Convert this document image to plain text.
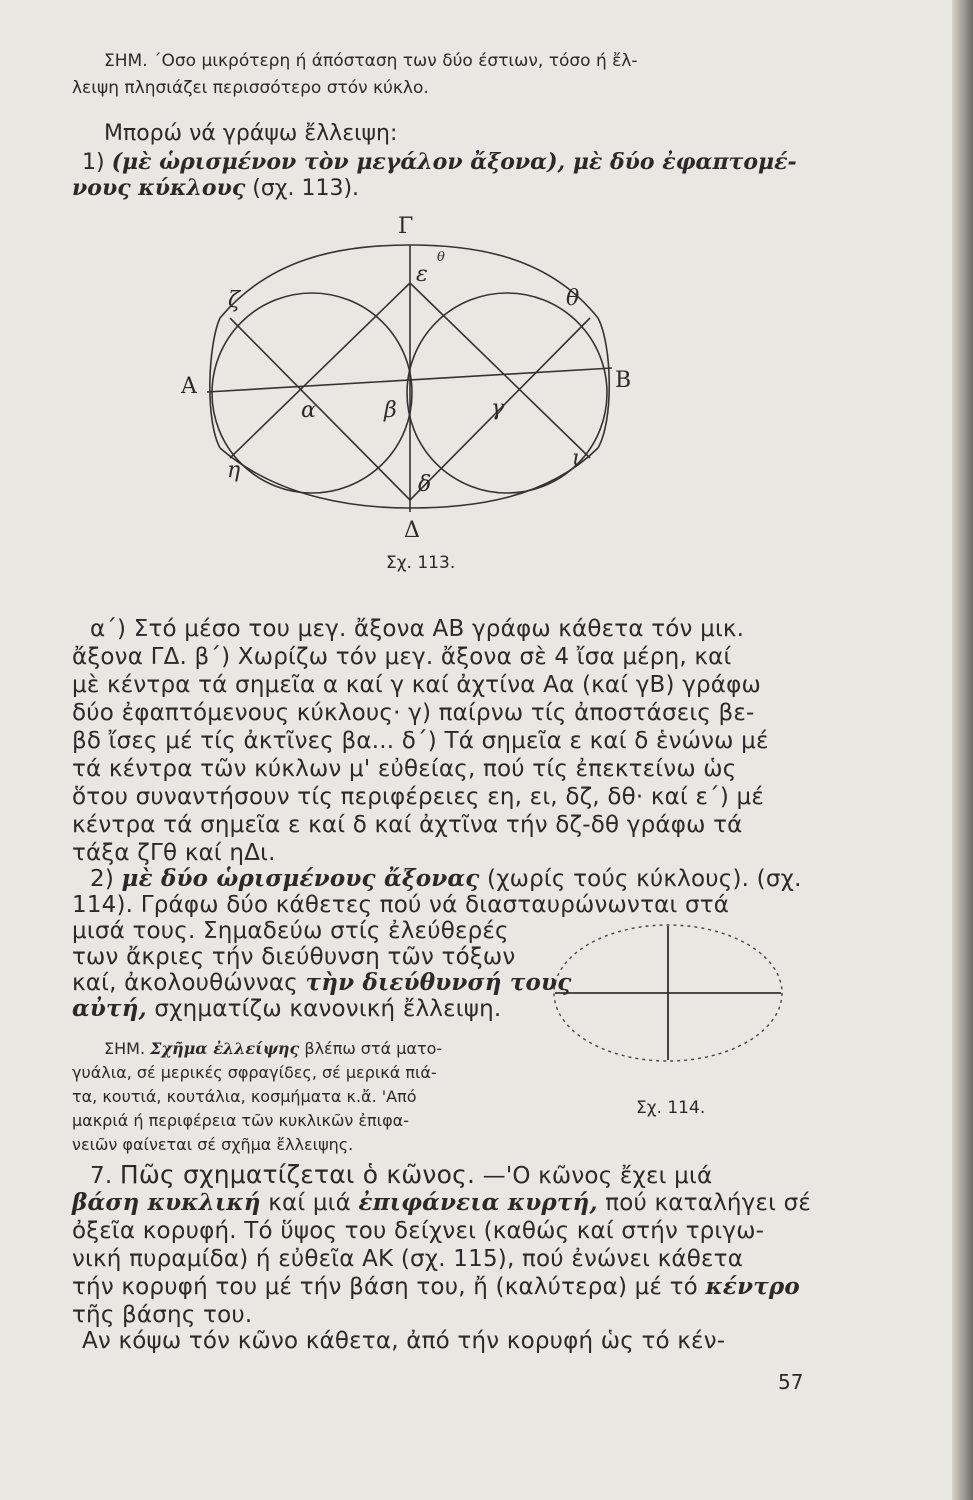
ΣΗΜ. ΄Οσο μικρότερη ή άπόσταση των δύο έστιων, τόσο ή ἔλ-
λειψη πλησιάζει περισσότερο στόν κύκλο.
Μπορώ νά γράψω ἔλλειψη:
1) (μὲ ὡρισμένον τὸν μεγάλον ἄξονα), μὲ δύο ἐφαπτομέ-
νους κύκλους (σχ. 113).
Γ
ε
θ
ζ	θ
Α	Β
α	β	γ
η	ι
δ
Δ
Σχ. 113.
α΄) Στό μέσο του μεγ. ἄξονα ΑΒ γράφω κάθετα τόν μικ.
ἄξονα ΓΔ. β΄) Χωρίζω τόν μεγ. ἄξονα σὲ 4 ἴσα μέρη, καί
μὲ κέντρα τά σημεῖα α καί γ καί ἀχτίνα Αα (καί γΒ) γράφω
δύο ἐφαπτόμενους κύκλους· γ) παίρνω τίς ἀποστάσεις βε-
βδ ἴσες μέ τίς ἀκτῖνες βα... δ΄) Τά σημεῖα ε καί δ ἑνώνω μέ
τά κέντρα τῶν κύκλων μ' εὐθείας, πού τίς ἐπεκτείνω ὡς
ὅτου συναντήσουν τίς περιφέρειες εη, ει, δζ, δθ· καί ε΄) μέ
κέντρα τά σημεῖα ε καί δ καί ἀχτῖνα τήν δζ-δθ γράφω τά
τάξα ζΓθ καί ηΔι.
2) μὲ δύο ὡρισμένους ἄξονας (χωρίς τούς κύκλους). (σχ.
114). Γράφω δύο κάθετες πού νά διασταυρώνωνται στά
μισά τους. Σημαδεύω στίς ἐλεύθερές
των ἄκριες τήν διεύθυνση τῶν τόξων
καί, ἀκολουθώννας τὴν διεύθυνσή τους
αὐτή, σχηματίζω κανονική ἔλλειψη.
ΣΗΜ. Σχῆμα ἐλλείψης βλέπω στά ματο-
γυάλια, σέ μερικές σφραγίδες, σέ μερικά πιά-
τα, κουτιά, κουτάλια, κοσμήματα κ.ἄ. 'Από
μακριά ή περιφέρεια τῶν κυκλικῶν ἐπιφα-
νειῶν φαίνεται σέ σχῆμα ἔλλειψης.
Σχ. 114.
7. Πῶς σχηματίζεται ὁ κῶνος. —'Ο κῶνος ἔχει μιά
βάση κυκλική καί μιά ἐπιφάνεια κυρτή, πού καταλήγει σέ
ὀξεῖα κορυφή. Τό ὕψος του δείχνει (καθώς καί στήν τριγω-
νική πυραμίδα) ή εὐθεῖα ΑΚ (σχ. 115), πού ἐνώνει κάθετα
τήν κορυφή του μέ τήν βάση του, ἤ (καλύτερα) μέ τό κέντρο
τῆς βάσης του.
Αν κόψω τόν κῶνο κάθετα, ἀπό τήν κορυφή ὡς τό κέν-
57
